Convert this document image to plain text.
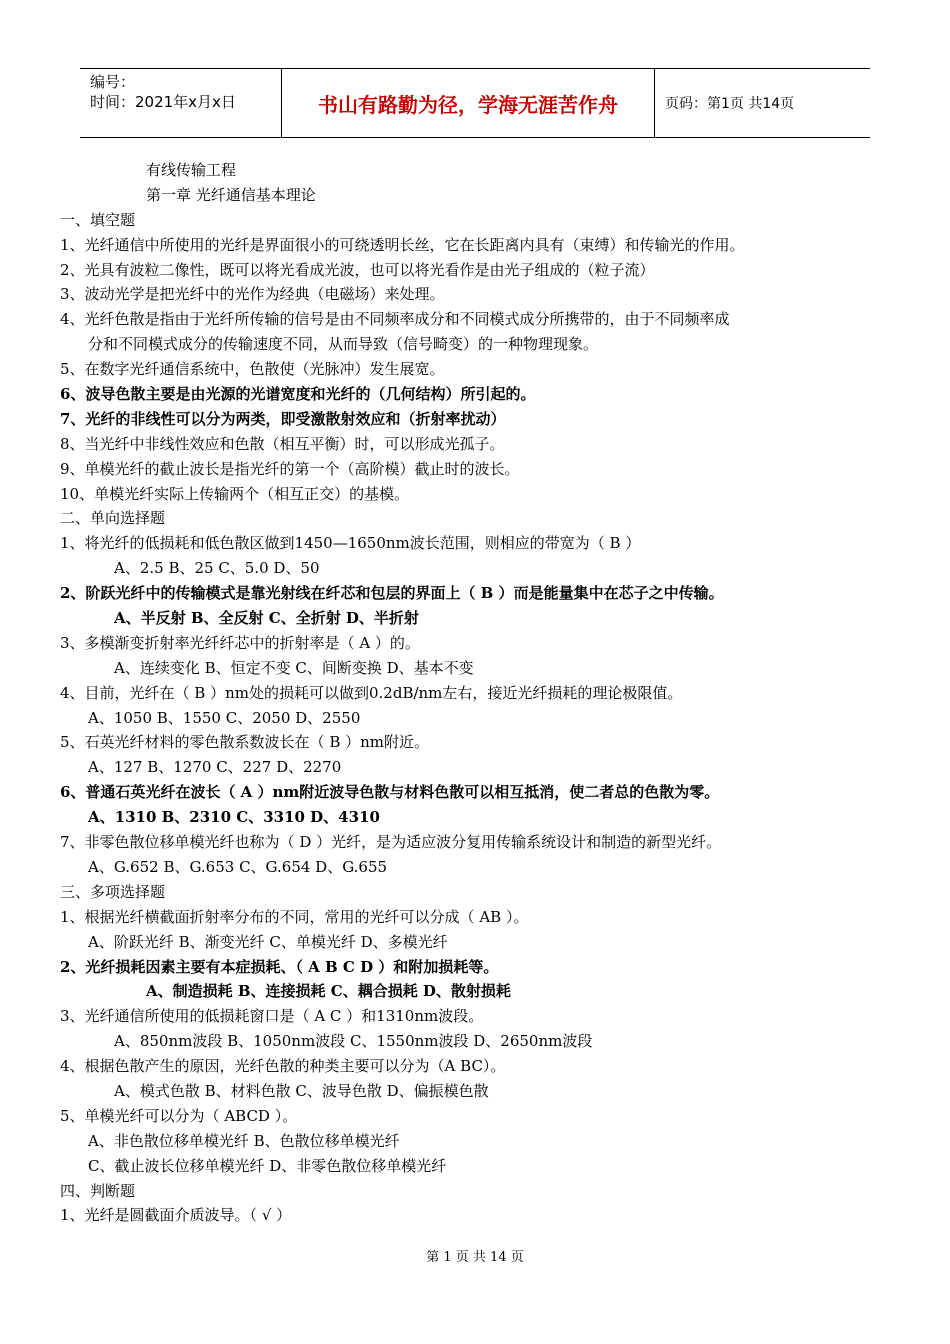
编号：
时间：2021年x月x日	书山有路勤为径，学海无涯苦作舟	页码：第1页 共14页
有线传输工程
第一章 光纤通信基本理论
一、填空题
1、光纤通信中所使用的光纤是界面很小的可绕透明长丝，它在长距离内具有（束缚）和传输光的作用。
2、光具有波粒二像性，既可以将光看成光波，也可以将光看作是由光子组成的（粒子流）
3、波动光学是把光纤中的光作为经典（电磁场）来处理。
4、光纤色散是指由于光纤所传输的信号是由不同频率成分和不同模式成分所携带的，由于不同频率成
分和不同模式成分的传输速度不同，从而导致（信号畸变）的一种物理现象。
5、在数字光纤通信系统中，色散使（光脉冲）发生展宽。
6、波导色散主要是由光源的光谱宽度和光纤的（几何结构）所引起的。
7、光纤的非线性可以分为两类，即受激散射效应和（折射率扰动）
8、当光纤中非线性效应和色散（相互平衡）时，可以形成光孤子。
9、单模光纤的截止波长是指光纤的第一个（高阶模）截止时的波长。
10、单模光纤实际上传输两个（相互正交）的基模。
二、单向选择题
1、将光纤的低损耗和低色散区做到1450—1650nm波长范围，则相应的带宽为（ B ）
A、2.5 B、25 C、5.0 D、50
2、阶跃光纤中的传输模式是靠光射线在纤芯和包层的界面上（ B ）而是能量集中在芯子之中传输。
A、半反射 B、全反射 C、全折射 D、半折射
3、多模渐变折射率光纤纤芯中的折射率是（ A ）的。
A、连续变化 B、恒定不变 C、间断变换 D、基本不变
4、目前，光纤在（ B ）nm处的损耗可以做到0.2dB/nm左右，接近光纤损耗的理论极限值。
A、1050 B、1550 C、2050 D、2550
5、石英光纤材料的零色散系数波长在（ B ）nm附近。
A、127 B、1270 C、227 D、2270
6、普通石英光纤在波长（ A ）nm附近波导色散与材料色散可以相互抵消，使二者总的色散为零。
A、1310 B、2310 C、3310 D、4310
7、非零色散位移单模光纤也称为（ D ）光纤，是为适应波分复用传输系统设计和制造的新型光纤。
A、G.652 B、G.653 C、G.654 D、G.655
三、多项选择题
1、根据光纤横截面折射率分布的不同，常用的光纤可以分成（ AB ）。
A、阶跃光纤 B、渐变光纤 C、单模光纤 D、多模光纤
2、光纤损耗因素主要有本症损耗、（ A B C D ）和附加损耗等。
A、制造损耗 B、连接损耗 C、耦合损耗 D、散射损耗
3、光纤通信所使用的低损耗窗口是（ A C ）和1310nm波段。
A、850nm波段 B、1050nm波段 C、1550nm波段 D、2650nm波段
4、根据色散产生的原因，光纤色散的种类主要可以分为（A BC）。
A、模式色散 B、材料色散 C、波导色散 D、偏振模色散
5、单模光纤可以分为（ ABCD ）。
A、非色散位移单模光纤 B、色散位移单模光纤
C、截止波长位移单模光纤 D、非零色散位移单模光纤
四、判断题
1、光纤是圆截面介质波导。（ √ ）
第 1 页 共 14 页
